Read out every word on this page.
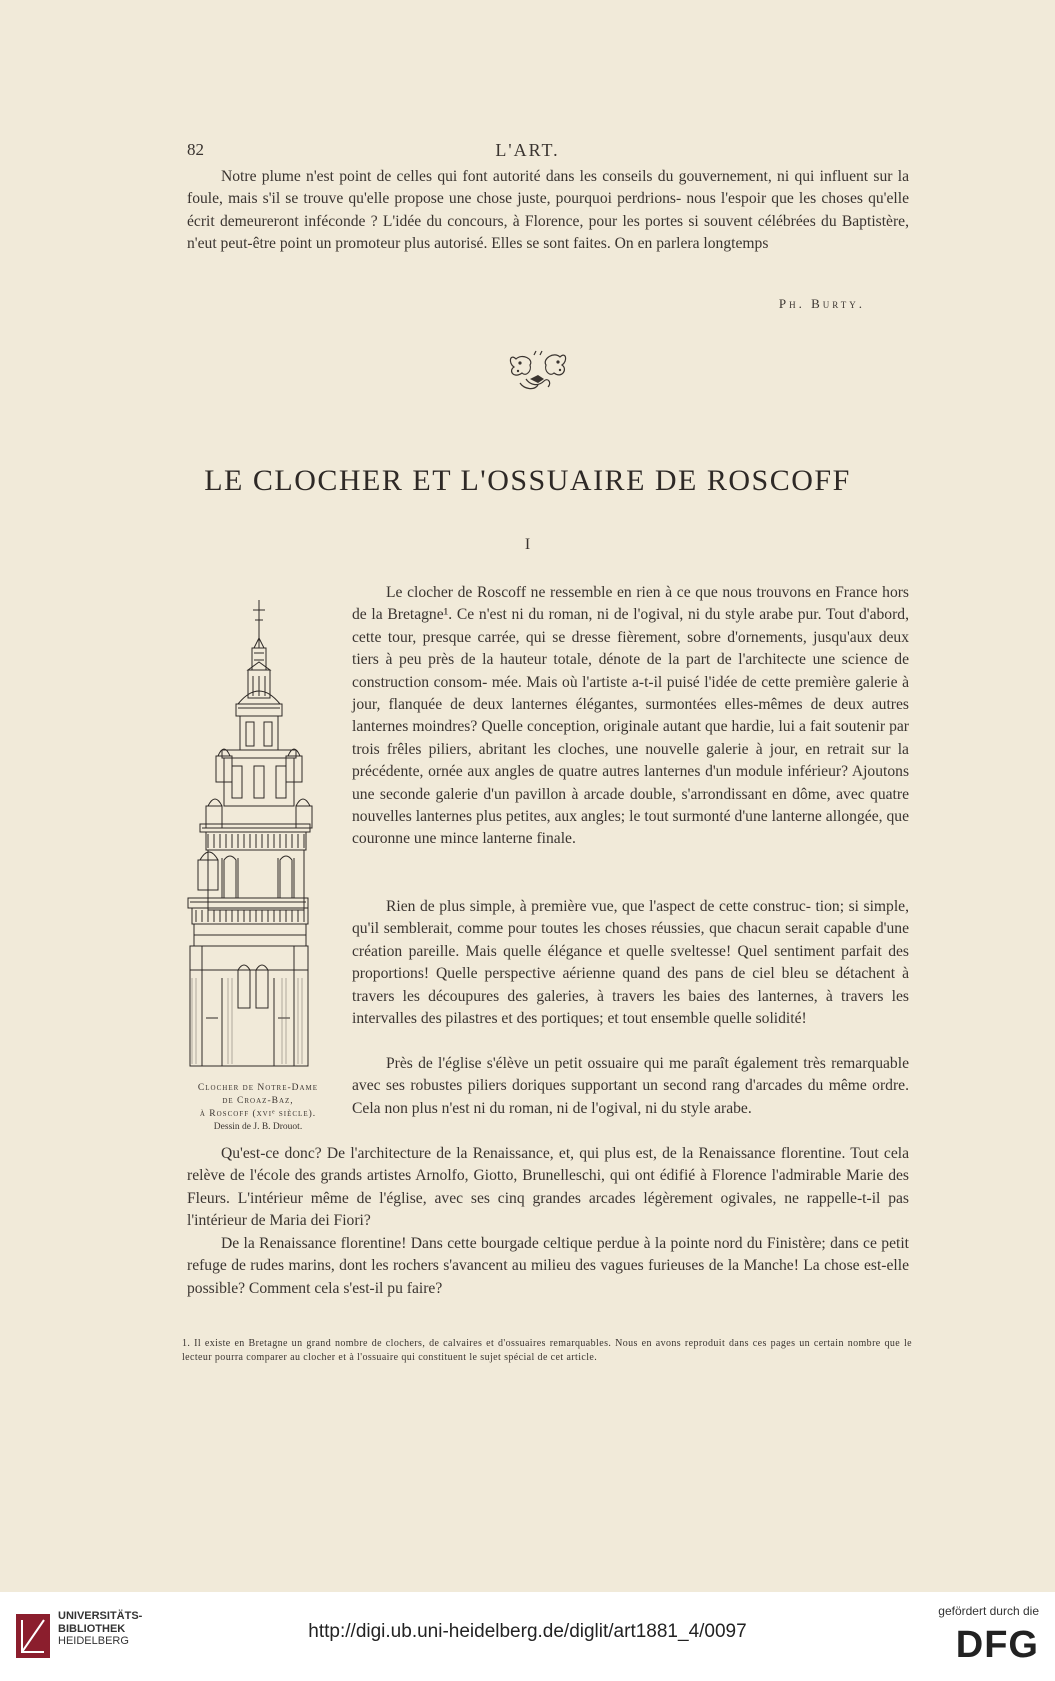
82	L'ART.

Notre plume n'est point de celles qui font autorité dans les conseils du gouvernement, ni qui influent sur la foule, mais s'il se trouve qu'elle propose une chose juste, pourquoi perdrions- nous l'espoir que les choses qu'elle écrit demeureront inféconde ? L'idée du concours, à Florence, pour les portes si souvent célébrées du Baptistère, n'eut peut-être point un promoteur plus autorisé. Elles se sont faites. On en parlera longtemps

Ph. Burty.
LE CLOCHER ET L'OSSUAIRE DE ROSCOFF
I
Clocher de Notre-Dame
de Croaz-Baz,
à Roscoff (xviᵉ siècle).
Dessin de J. B. Drouot.

Le clocher de Roscoff ne ressemble en rien à ce que nous trouvons en France hors de la Bretagne¹. Ce n'est ni du roman, ni de l'ogival, ni du style arabe pur. Tout d'abord, cette tour, presque carrée, qui se dresse fièrement, sobre d'ornements, jusqu'aux deux tiers à peu près de la hauteur totale, dénote de la part de l'architecte une science de construction consom- mée. Mais où l'artiste a-t-il puisé l'idée de cette première galerie à jour, flanquée de deux lanternes élégantes, surmontées elles-mêmes de deux autres lanternes moindres? Quelle conception, originale autant que hardie, lui a fait soutenir par trois frêles piliers, abritant les cloches, une nouvelle galerie à jour, en retrait sur la précédente, ornée aux angles de quatre autres lanternes d'un module inférieur? Ajoutons une seconde galerie d'un pavillon à arcade double, s'arrondissant en dôme, avec quatre nouvelles lanternes plus petites, aux angles; le tout surmonté d'une lanterne allongée, que couronne une mince lanterne finale.

Rien de plus simple, à première vue, que l'aspect de cette construc- tion; si simple, qu'il semblerait, comme pour toutes les choses réussies, que chacun serait capable d'une création pareille. Mais quelle élégance et quelle sveltesse! Quel sentiment parfait des proportions! Quelle perspective aérienne quand des pans de ciel bleu se détachent à travers les découpures des galeries, à travers les baies des lanternes, à travers les intervalles des pilastres et des portiques; et tout ensemble quelle solidité!

Près de l'église s'élève un petit ossuaire qui me paraît également très remarquable avec ses robustes piliers doriques supportant un second rang d'arcades du même ordre. Cela non plus n'est ni du roman, ni de l'ogival, ni du style arabe.

Qu'est-ce donc? De l'architecture de la Renaissance, et, qui plus est, de la Renaissance florentine. Tout cela relève de l'école des grands artistes Arnolfo, Giotto, Brunelleschi, qui ont édifié à Florence l'admirable Marie des Fleurs. L'intérieur même de l'église, avec ses cinq grandes arcades légèrement ogivales, ne rappelle-t-il pas l'intérieur de Maria dei Fiori?

De la Renaissance florentine! Dans cette bourgade celtique perdue à la pointe nord du Finistère; dans ce petit refuge de rudes marins, dont les rochers s'avancent au milieu des vagues furieuses de la Manche! La chose est-elle possible? Comment cela s'est-il pu faire?

1. Il existe en Bretagne un grand nombre de clochers, de calvaires et d'ossuaires remarquables. Nous en avons reproduit dans ces pages un certain nombre que le lecteur pourra comparer au clocher et à l'ossuaire qui constituent le sujet spécial de cet article.

UNIVERSITÄTS-
BIBLIOTHEK
HEIDELBERG	http://digi.ub.uni-heidelberg.de/diglit/art1881_4/0097
gefördert durch die
DFG
